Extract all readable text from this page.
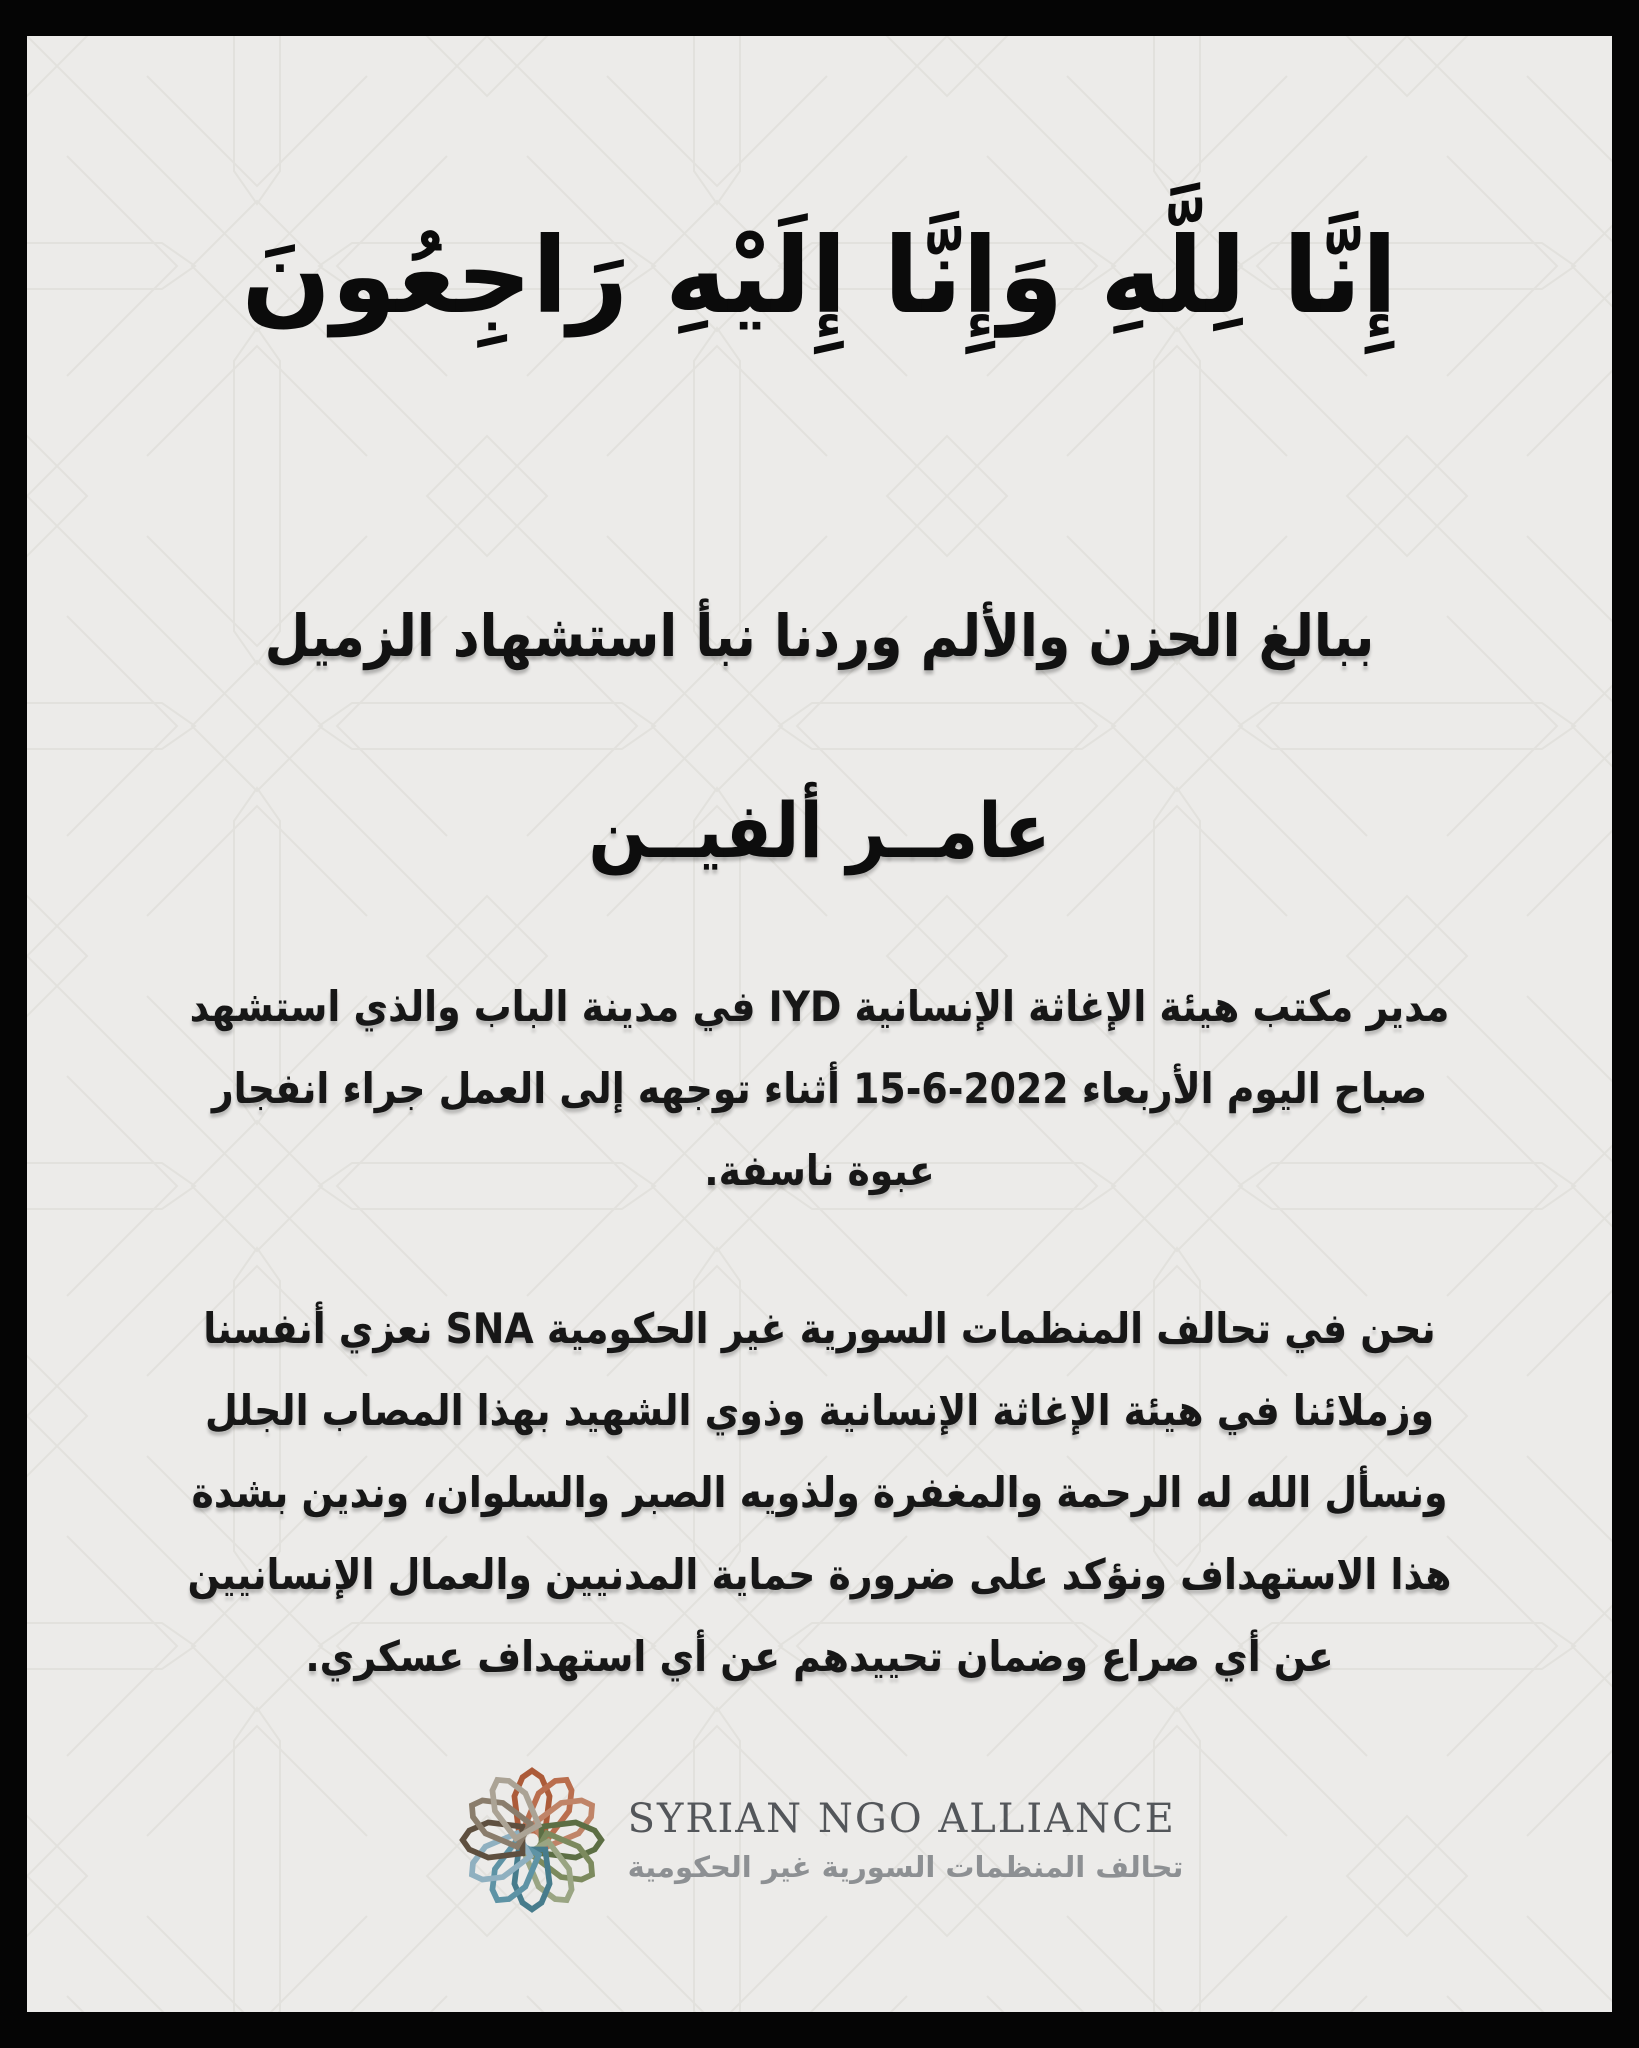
إِنَّا لِلَّهِ وَإِنَّا إِلَيْهِ رَاجِعُونَ
ببالغ الحزن والألم وردنا نبأ استشهاد الزميل
عامــر ألفيــن
مدير مكتب هيئة الإغاثة الإنسانية IYD في مدينة الباب والذي استشهد
صباح اليوم الأربعاء 2022-6-15 أثناء توجهه إلى العمل جراء انفجار
عبوة ناسفة.
نحن في تحالف المنظمات السورية غير الحكومية SNA نعزي أنفسنا
وزملائنا في هيئة الإغاثة الإنسانية وذوي الشهيد بهذا المصاب الجلل
ونسأل الله له الرحمة والمغفرة ولذويه الصبر والسلوان، وندين بشدة
هذا الاستهداف ونؤكد على ضرورة حماية المدنيين والعمال الإنسانيين
عن أي صراع وضمان تحييدهم عن أي استهداف عسكري.
SYRIAN NGO ALLIANCE
تحالف المنظمات السورية غير الحكومية
